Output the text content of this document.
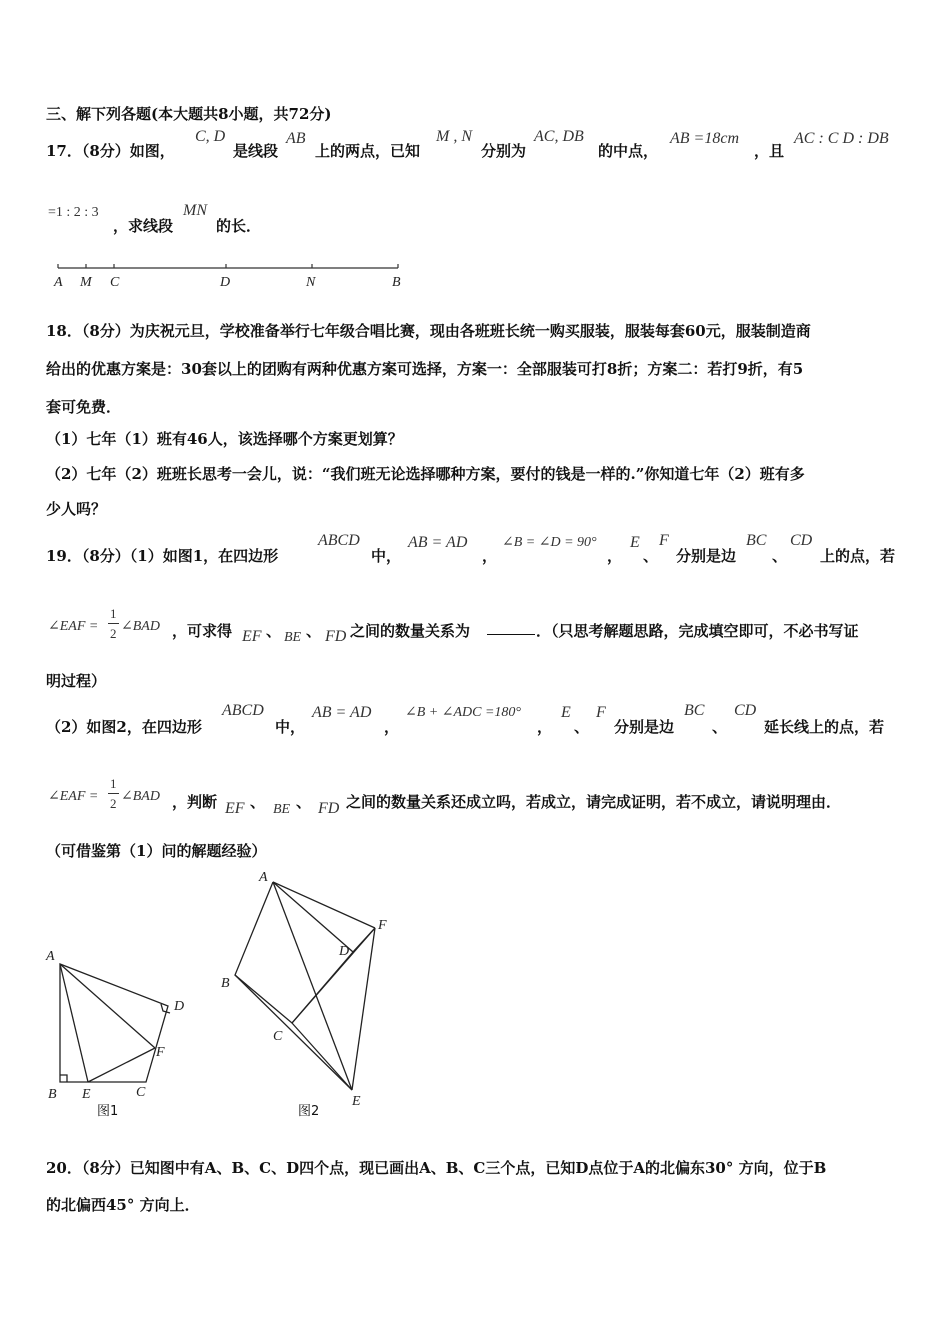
三、解下列各题(本大题共8小题，共72分)
17．（8分）如图，
C, D
是线段
AB
上的两点，已知
M , N
分别为
AC, DB
的中点，
AB =18cm
，且
AC : C D : DB
=1 : 2 : 3
，求线段
MN
的长．
A M C	D	N	B
18．（8分）为庆祝元旦，学校准备举行七年级合唱比赛，现由各班班长统一购买服装，服装每套60元，服装制造商
给出的优惠方案是：30套以上的团购有两种优惠方案可选择，方案一：全部服装可打8折；方案二：若打9折，有5
套可免费．
（1）七年（1）班有46人，该选择哪个方案更划算？
（2）七年（2）班班长思考一会儿，说：“我们班无论选择哪种方案，要付的钱是一样的.”你知道七年（2）班有多
少人吗？
19．（8分）（1）如图1，在四边形
ABCD
中，
AB = AD
，
∠B = ∠D = 90°
，
E
、
F
分别是边
BC
、
CD
上的点，若
∠EAF =
1
2 ∠BAD ，可求得 EF 、 BE 、 FD 之间的数量关系为	．（只思考解题思路，完成填空即可，不必书写证
明过程）
（2）如图2，在四边形
ABCD
中，
AB = AD
，
∠B + ∠ADC =180°
，
E
、
F
分别是边
BC
、
CD
延长线上的点，若
∠EAF =
1
2 ∠BAD ，判断 EF 、 BE 、 FD 之间的数量关系还成立吗，若成立，请完成证明，若不成立，请说明理由．
（可借鉴第（1）问的解题经验）
A
B E	C
F
D
图1
A
B
C
D
F
E
图2
20．（8分）已知图中有A、B、C、D四个点，现已画出A、B、C三个点，已知D点位于A的北偏东30° 方向，位于B
的北偏西45° 方向上．
